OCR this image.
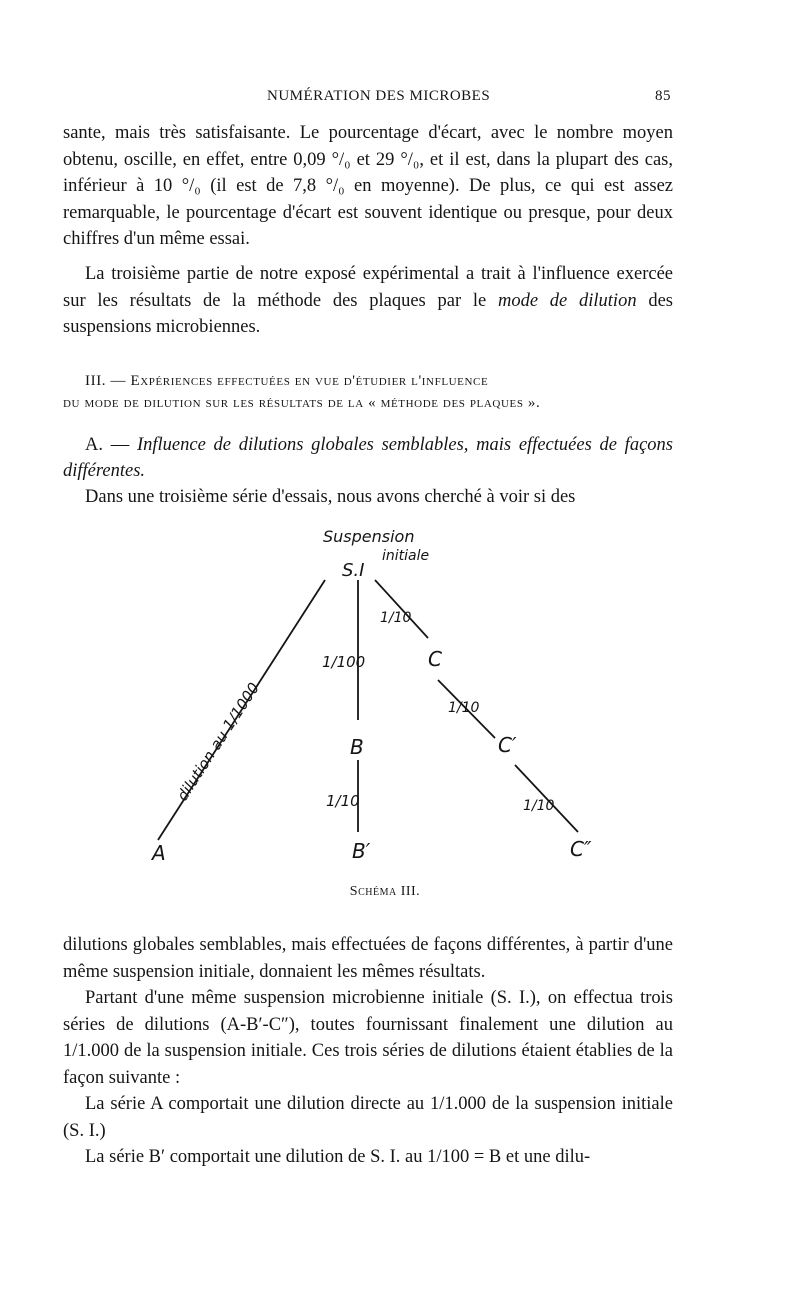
NUMÉRATION DES MICROBES	85

sante, mais très satisfaisante. Le pourcentage d'écart, avec le nombre moyen obtenu, oscille, en effet, entre 0,09 °/₀ et 29 °/₀, et il est, dans la plupart des cas, inférieur à 10 °/₀ (il est de 7,8 °/₀ en moyenne). De plus, ce qui est assez remarquable, le pourcentage d'écart est souvent identique ou presque, pour deux chiffres d'un même essai.

La troisième partie de notre exposé expérimental a trait à l'influence exercée sur les résultats de la méthode des plaques par le mode de dilution des suspensions microbiennes.

III. — Expériences effectuées en vue d'étudier l'influence
du mode de dilution sur les résultats de la « méthode des plaques ».
A. — Influence de dilutions globales semblables, mais effectuées de façons différentes.
Dans une troisième série d'essais, nous avons cherché à voir si des
Suspension
initiale
S.I
A
B
B′
C
C′
C″
dilution au 1/1000
1/100
1/10
1/10
1/10
1/10
Schéma III.

dilutions globales semblables, mais effectuées de façons différentes, à partir d'une même suspension initiale, donnaient les mêmes résultats.

Partant d'une même suspension microbienne initiale (S. I.), on effectua trois séries de dilutions (A-B′-C″), toutes fournissant finalement une dilution au 1/1.000 de la suspension initiale. Ces trois séries de dilutions étaient établies de la façon suivante :

La série A comportait une dilution directe au 1/1.000 de la suspension initiale (S. I.)

La série B′ comportait une dilution de S. I. au 1/100 = B et une dilu-
